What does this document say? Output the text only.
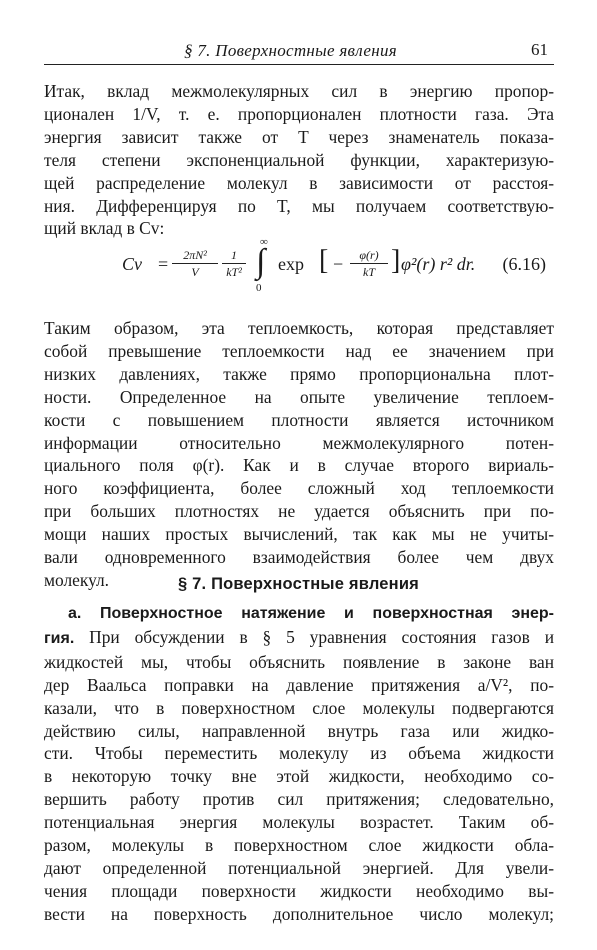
§ 7. Поверхностные явления	61
Итак, вклад межмолекулярных сил в энергию пропор-
ционален 1/V, т. е. пропорционален плотности газа. Эта
энергия зависит также от T через знаменатель показа-
теля степени экспоненциальной функции, характеризую-
щей распределение молекул в зависимости от расстоя-
ния. Дифференцируя по T, мы получаем соответствую-
щий вклад в Cv:
Cv =	2πN²
V
1
kT²
∞
∫
0
exp [ −	φ(r)
kT ] φ²(r) r² dr. (6.16)
Таким образом, эта теплоемкость, которая представляет
собой превышение теплоемкости над ее значением при
низких давлениях, также прямо пропорциональна плот-
ности. Определенное на опыте увеличение теплоем-
кости с повышением плотности является источником
информации относительно межмолекулярного потен-
циального поля φ(r). Как и в случае второго вириаль-
ного коэффициента, более сложный ход теплоемкости
при больших плотностях не удается объяснить при по-
мощи наших простых вычислений, так как мы не учиты-
вали одновременного взаимодействия более чем двух
молекул.	§ 7. Поверхностные явления
а. Поверхностное натяжение и поверхностная энер-
гия. При обсуждении в § 5 уравнения состояния газов и
жидкостей мы, чтобы объяснить появление в законе ван
дер Ваальса поправки на давление притяжения a/V², по-
казали, что в поверхностном слое молекулы подвергаются
действию силы, направленной внутрь газа или жидко-
сти. Чтобы переместить молекулу из объема жидкости
в некоторую точку вне этой жидкости, необходимо со-
вершить работу против сил притяжения; следовательно,
потенциальная энергия молекулы возрастет. Таким об-
разом, молекулы в поверхностном слое жидкости обла-
дают определенной потенциальной энергией. Для увели-
чения площади поверхности жидкости необходимо вы-
вести на поверхность дополнительное число молекул;
